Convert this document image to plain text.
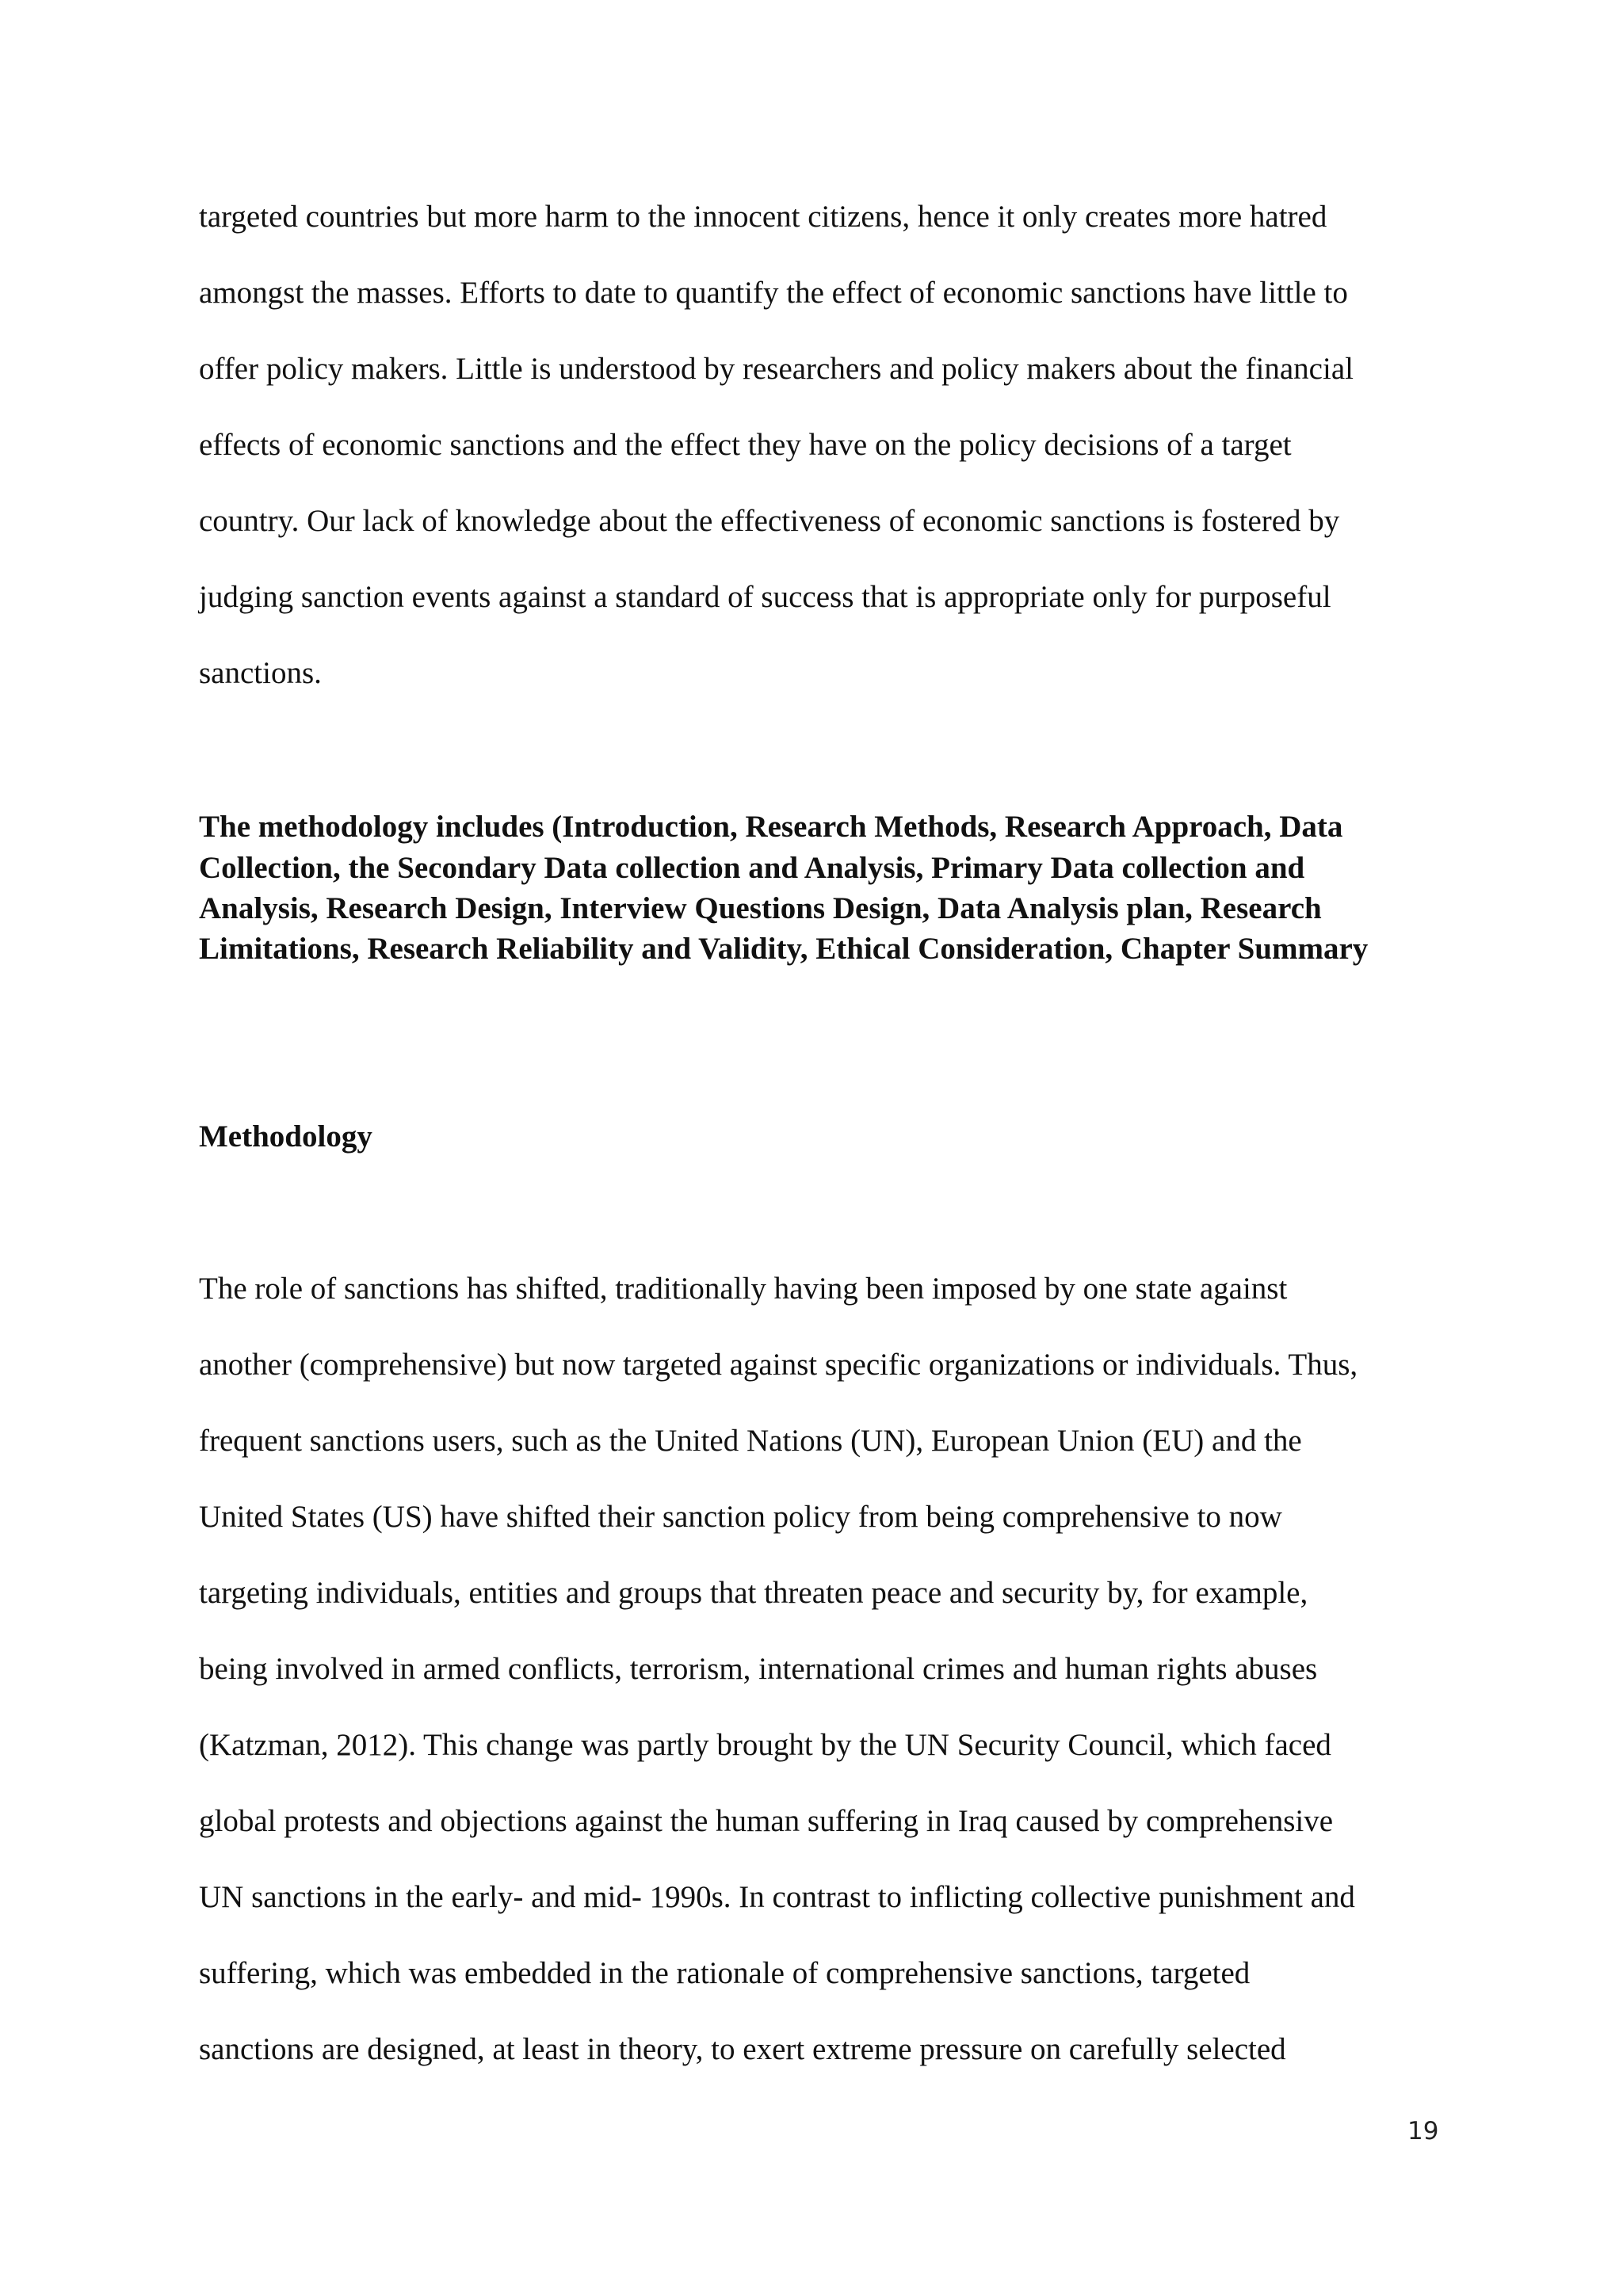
targeted countries but more harm to the innocent citizens, hence it only creates more hatred
amongst the masses. Efforts to date to quantify the effect of economic sanctions have little to
offer policy makers. Little is understood by researchers and policy makers about the financial
effects of economic sanctions and the effect they have on the policy decisions of a target
country. Our lack of knowledge about the effectiveness of economic sanctions is fostered by
judging sanction events against a standard of success that is appropriate only for purposeful
sanctions.
The methodology includes (Introduction, Research Methods, Research Approach, Data
Collection, the Secondary Data collection and Analysis, Primary Data collection and
Analysis, Research Design, Interview Questions Design, Data Analysis plan, Research
Limitations, Research Reliability and Validity, Ethical Consideration, Chapter Summary
Methodology
The role of sanctions has shifted, traditionally having been imposed by one state against
another (comprehensive) but now targeted against specific organizations or individuals. Thus,
frequent sanctions users, such as the United Nations (UN), European Union (EU) and the
United States (US) have shifted their sanction policy from being comprehensive to now
targeting individuals, entities and groups that threaten peace and security by, for example,
being involved in armed conflicts, terrorism, international crimes and human rights abuses
(Katzman, 2012). This change was partly brought by the UN Security Council, which faced
global protests and objections against the human suffering in Iraq caused by comprehensive
UN sanctions in the early- and mid- 1990s. In contrast to inflicting collective punishment and
suffering, which was embedded in the rationale of comprehensive sanctions, targeted
sanctions are designed, at least in theory, to exert extreme pressure on carefully selected
19
